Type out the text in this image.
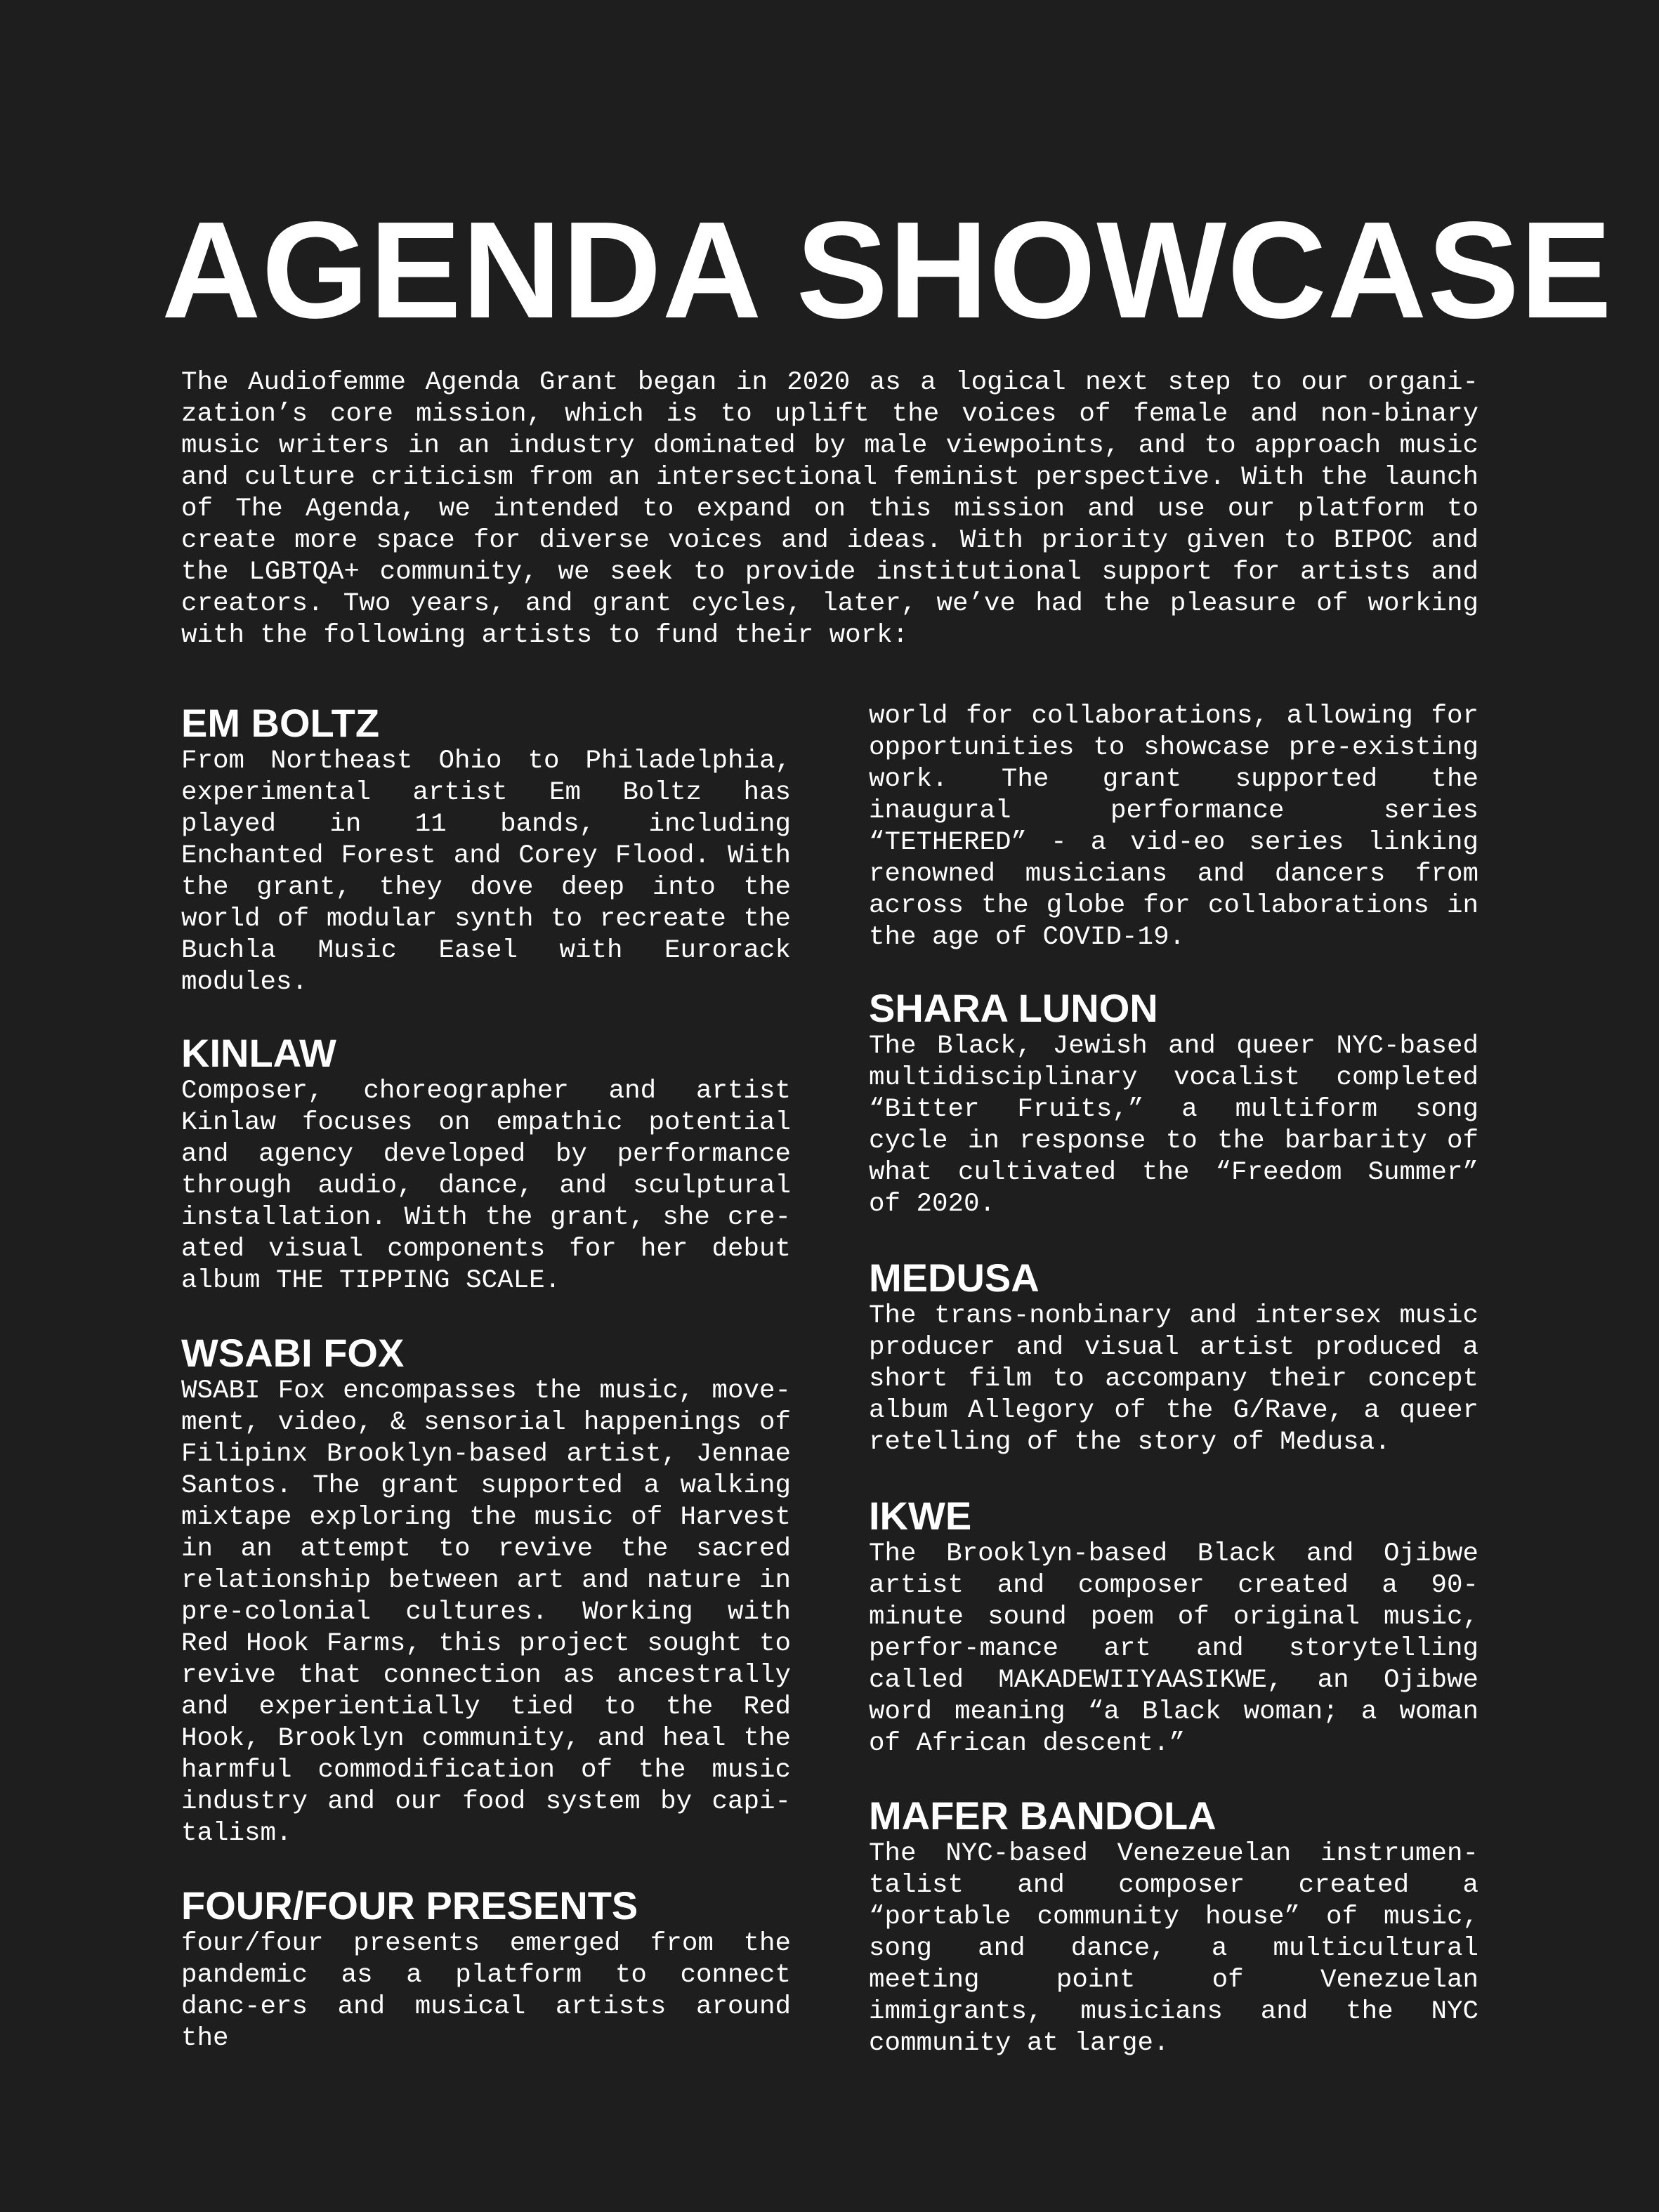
AGENDA SHOWCASE

The Audiofemme Agenda Grant began in 2020 as a logical next step to our organi-zation’s core mission, which is to uplift the voices of female and non-binary music writers in an industry dominated by male viewpoints, and to approach music and culture criticism from an intersectional feminist perspective. With the launch of The Agenda, we intended to expand on this mission and use our platform to create more space for diverse voices and ideas. With priority given to BIPOC and the LGBTQA+ community, we seek to provide institutional support for artists and creators. Two years, and grant cycles, later, we’ve had the pleasure of working with the following artists to fund their work:

EM BOLTZ

From Northeast Ohio to Philadelphia, experimental artist Em Boltz has played in 11 bands, including Enchanted Forest and Corey Flood. With the grant, they dove deep into the world of modular synth to recreate the Buchla Music Easel with Eurorack modules.

KINLAW

Composer, choreographer and artist Kinlaw focuses on empathic potential and agency developed by performance through audio, dance, and sculptural installation. With the grant, she cre-ated visual components for her debut album THE TIPPING SCALE.

WSABI FOX

WSABI Fox encompasses the music, move-ment, video, & sensorial happenings of Filipinx Brooklyn-based artist, Jennae Santos. The grant supported a walking mixtape exploring the music of Harvest in an attempt to revive the sacred relationship between art and nature in pre-colonial cultures. Working with Red Hook Farms, this project sought to revive that connection as ancestrally and experientially tied to the Red Hook, Brooklyn community, and heal the harmful commodification of the music industry and our food system by capi-talism.

FOUR/FOUR PRESENTS

four/four presents emerged from the pandemic as a platform to connect danc-ers and musical artists around the

world for collaborations, allowing for opportunities to showcase pre-existing work. The grant supported the inaugural performance series “TETHERED” - a vid-eo series linking renowned musicians and dancers from across the globe for collaborations in the age of COVID-19.

SHARA LUNON

The Black, Jewish and queer NYC-based multidisciplinary vocalist completed “Bitter Fruits,” a multiform song cycle in response to the barbarity of what cultivated the “Freedom Summer” of 2020.

MEDUSA

The trans-nonbinary and intersex music producer and visual artist produced a short film to accompany their concept album Allegory of the G/Rave, a queer retelling of the story of Medusa.

IKWE

The Brooklyn-based Black and Ojibwe artist and composer created a 90-minute sound poem of original music, perfor-mance art and storytelling called MAKADEWIIYAASIKWE, an Ojibwe word meaning “a Black woman; a woman of African descent.”

MAFER BANDOLA

The NYC-based Venezeuelan instrumen-talist and composer created a “portable community house” of music, song and dance, a multicultural meeting point of Venezuelan immigrants, musicians and the NYC community at large.
